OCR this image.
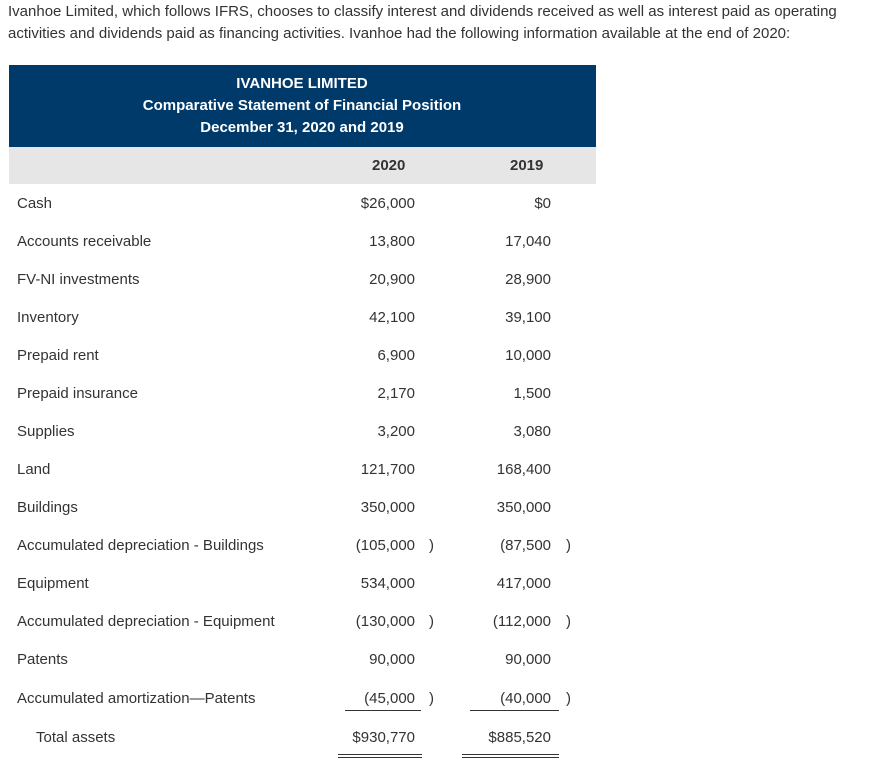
Ivanhoe Limited, which follows IFRS, chooses to classify interest and dividends received as well as interest paid as operating activities and dividends paid as financing activities. Ivanhoe had the following information available at the end of 2020:
IVANHOE LIMITED
Comparative Statement of Financial Position
December 31, 2020 and 2019
2020	2019
Cash	$26,000	$0
Accounts receivable	13,800	17,040
FV-NI investments	20,900	28,900
Inventory	42,100	39,100
Prepaid rent	6,900	10,000
Prepaid insurance	2,170	1,500
Supplies	3,200	3,080
Land	121,700	168,400
Buildings	350,000	350,000
Accumulated depreciation - Buildings	(105,000 )	(87,500 )
Equipment	534,000	417,000
Accumulated depreciation - Equipment	(130,000 )	(112,000 )
Patents	90,000	90,000
Accumulated amortization—Patents	(45,000 )	(40,000 )
Total assets	$930,770	$885,520
